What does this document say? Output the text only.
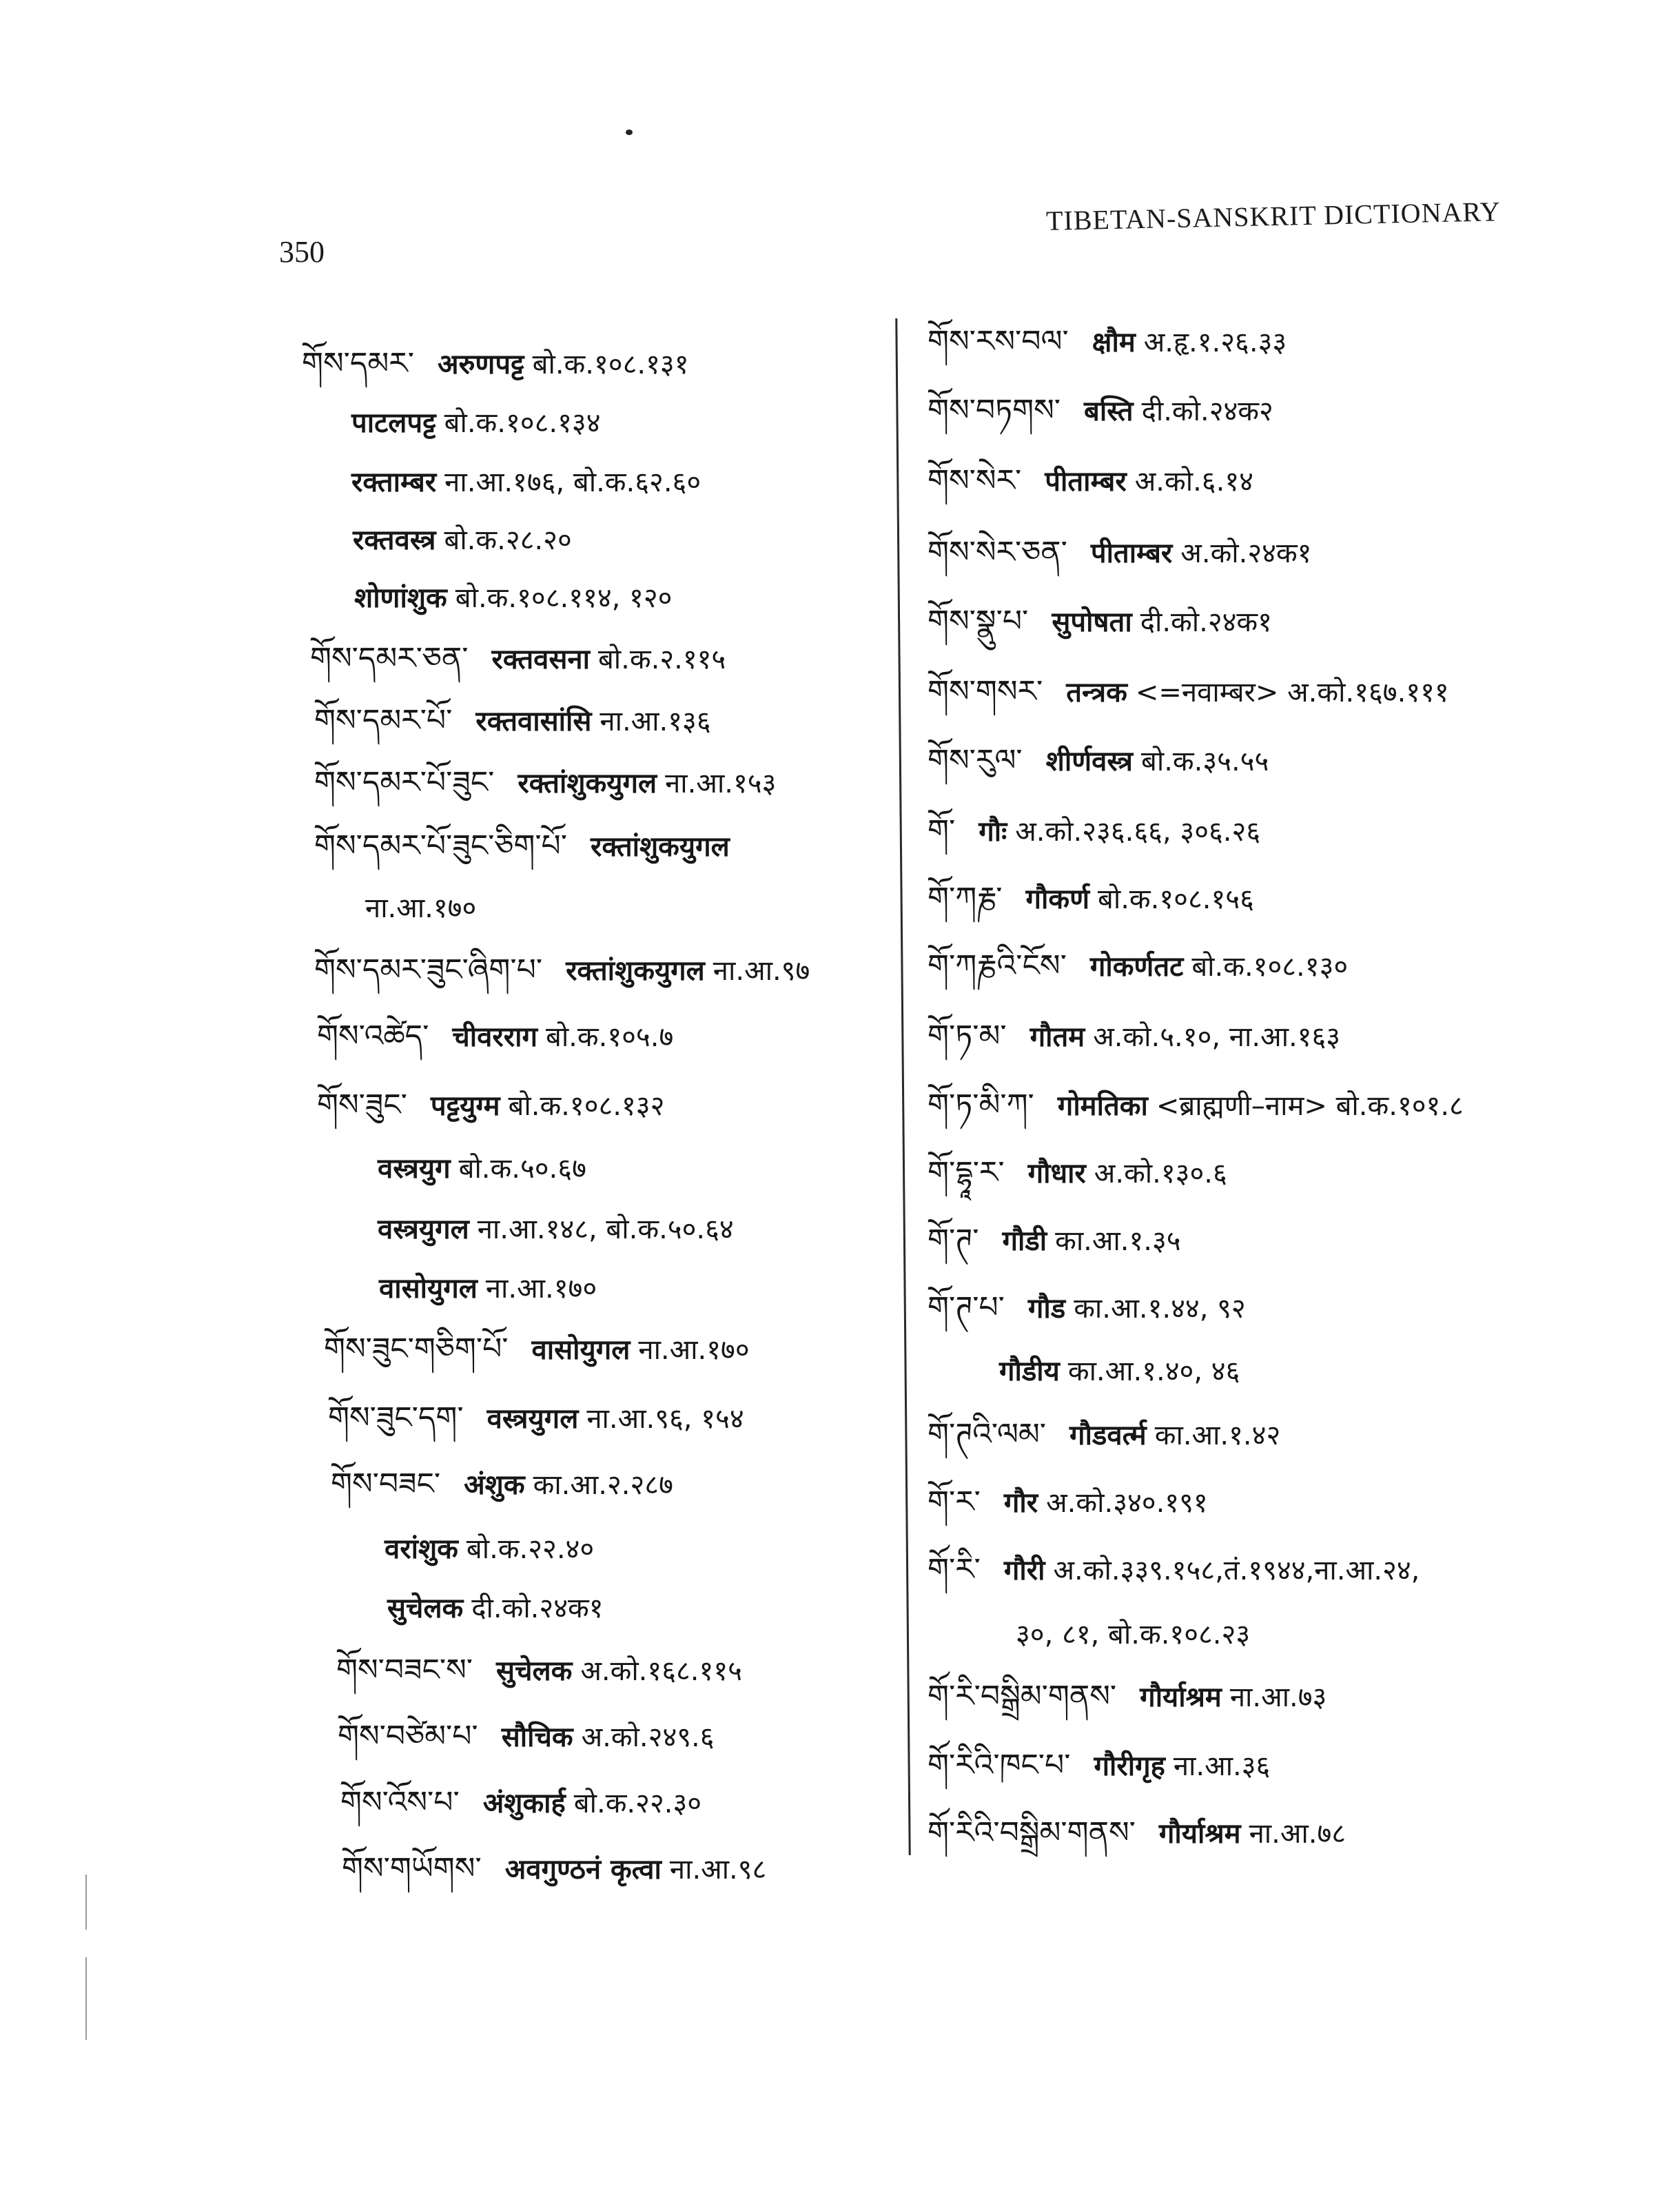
TIBETAN-SANSKRIT DICTIONARY
350
གོས་དམར་ अरुणपट्ट बो.क.१०८.१३१
पाटलपट्ट बो.क.१०८.१३४
रक्ताम्बर ना.आ.१७६, बो.क.६२.६०
रक्तवस्त्र बो.क.२८.२०
शोणांशुक बो.क.१०८.११४, १२०
གོས་དམར་ཅན་ रक्तवसना बो.क.२.११५
གོས་དམར་པོ་ रक्तवासांसि ना.आ.१३६
གོས་དམར་པོ་ཟུང་ रक्तांशुकयुगल ना.आ.१५३
གོས་དམར་པོ་ཟུང་ཅིག་པོ་ रक्तांशुकयुगल
ना.आ.१७०
གོས་དམར་ཟུང་ཞིག་པ་ रक्तांशुकयुगल ना.आ.९७
གོས་འཚེད་ चीवरराग बो.क.१०५.७
གོས་ཟུང་ पट्टयुग्म बो.क.१०८.१३२
वस्त्रयुग बो.क.५०.६७
वस्त्रयुगल ना.आ.१४८, बो.क.५०.६४
वासोयुगल ना.आ.१७०
གོས་ཟུང་གཅིག་པོ་ वासोयुगल ना.आ.१७०
གོས་ཟུང་དག་ वस्त्रयुगल ना.आ.९६, १५४
གོས་བཟང་ अंशुक का.आ.२.२८७
वरांशुक बो.क.२२.४०
सुचेलक दी.को.२४क१
གོས་བཟང་ས་ सुचेलक अ.को.१६८.११५
གོས་བཙེམ་པ་ सौचिक अ.को.२४९.६
གོས་འོས་པ་ अंशुकार्ह बो.क.२२.३०
གོས་གཡོགས་ अवगुण्ठनं कृत्वा ना.आ.९८
གོས་རས་བལ་ क्षौम अ.हृ.१.२६.३३
གོས་བཏགས་ बस्ति दी.को.२४क२
གོས་སེར་ पीताम्बर अ.को.६.१४
གོས་སེར་ཅན་ पीताम्बर अ.को.२४क१
གོས་སྣུ་པ་ सुपोषता दी.को.२४क१
གོས་གསར་ तन्त्रक <=नवाम्बर> अ.को.१६७.१११
གོས་རུལ་ शीर्णवस्त्र बो.क.३५.५५
གོ་ गौः अ.को.२३६.६६, ३०६.२६
གོ་ཀརྞ་ गौकर्ण बो.क.१०८.१५६
གོ་ཀརྞའི་ངོས་ गोकर्णतट बो.क.१०८.१३०
གོ་ཏ་མ་ गौतम अ.को.५.१०, ना.आ.१६३
གོ་ཏ་མི་ཀ་ गोमतिका <ब्राह्मणी–नाम> बो.क.१०१.८
གོ་དྷཱ་ར་ गौधार अ.को.१३०.६
གོ་ཊ་ गौडी का.आ.१.३५
གོ་ཊ་པ་ गौड का.आ.१.४४, ९२
गौडीय का.आ.१.४०, ४६
གོ་ཊའི་ལམ་ गौडवर्त्म का.आ.१.४२
གོ་ར་ गौर अ.को.३४०.१९१
གོ་རི་ गौरी अ.को.३३९.१५८,तं.१९४४,ना.आ.२४,
३०, ८१, बो.क.१०८.२३
གོ་རི་བསྒྲིམ་གནས་ गौर्याश्रम ना.आ.७३
གོ་རིའི་ཁང་པ་ गौरीगृह ना.आ.३६
གོ་རིའི་བསྒྲིམ་གནས་ गौर्याश्रम ना.आ.७८
